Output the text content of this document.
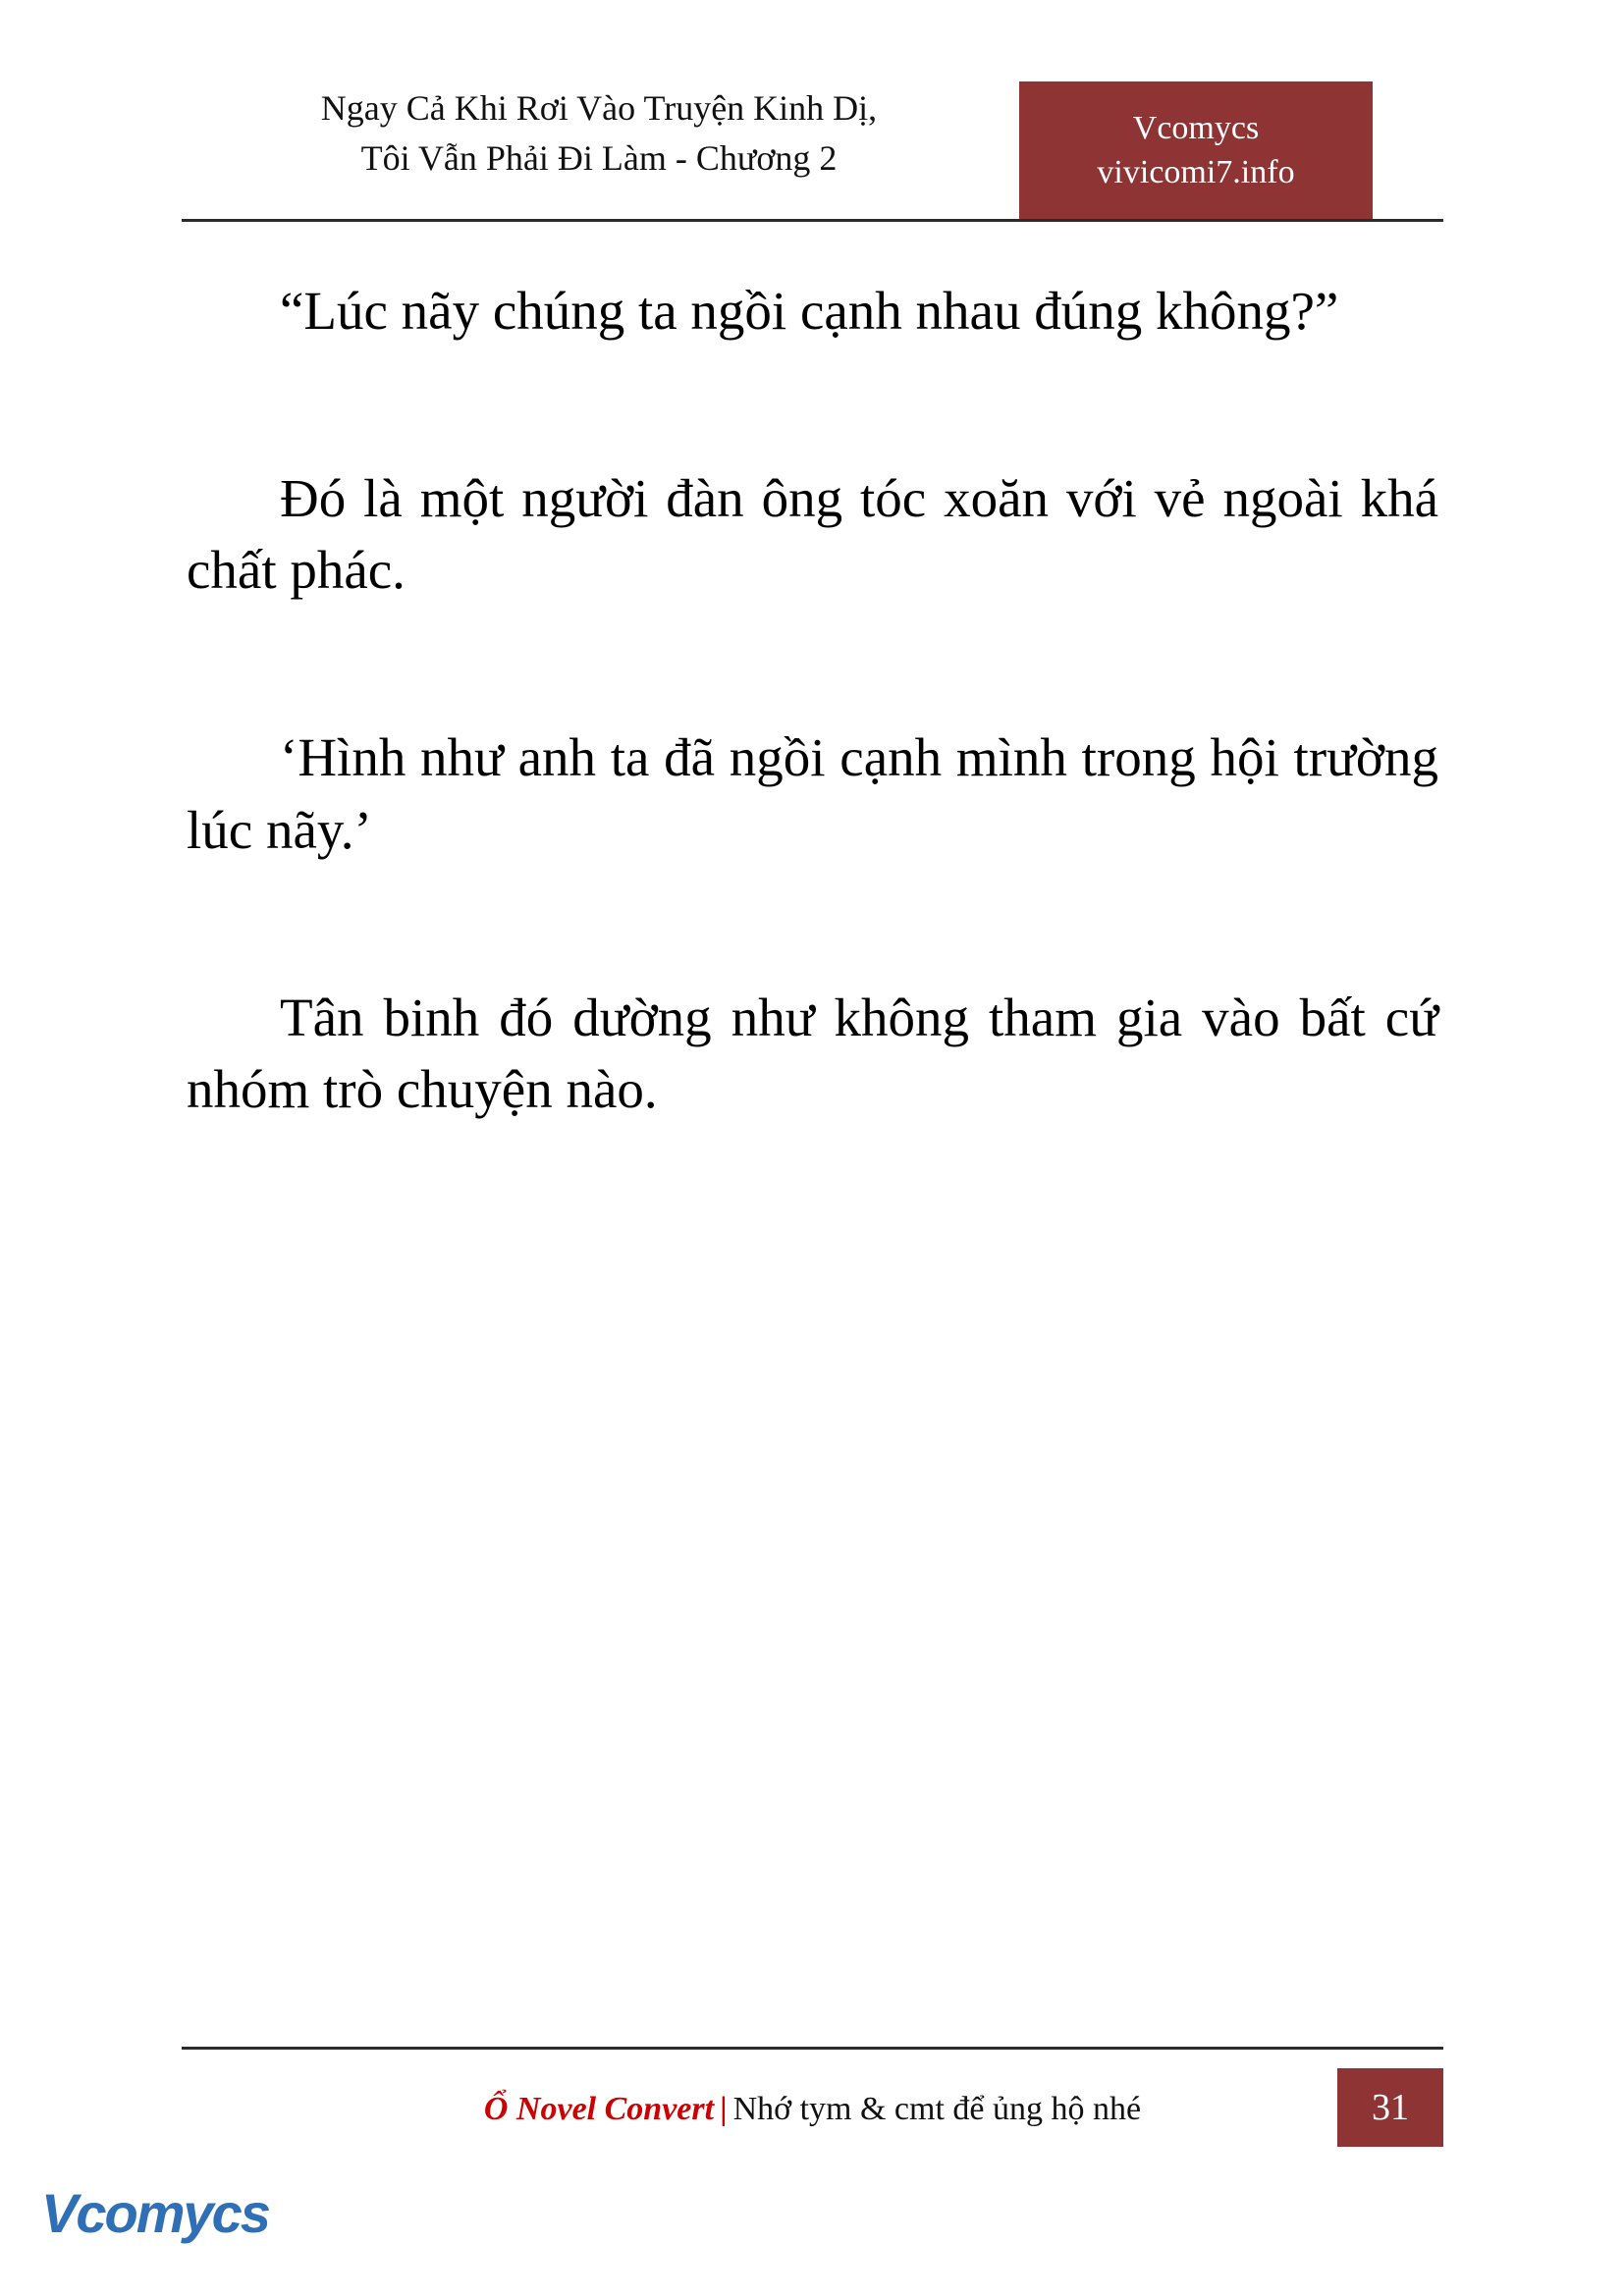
Ngay Cả Khi Rơi Vào Truyện Kinh Dị,
Tôi Vẫn Phải Đi Làm - Chương 2
Vcomycs
vivicomi7.info

“Lúc nãy chúng ta ngồi cạnh nhau đúng không?”

Đó là một người đàn ông tóc xoăn với vẻ ngoài khá chất phác.

‘Hình như anh ta đã ngồi cạnh mình trong hội trường lúc nãy.’

Tân binh đó dường như không tham gia vào bất cứ nhóm trò chuyện nào.

Ổ Novel Convert | Nhớ tym & cmt để ủng hộ nhé	31
Vcomycs
